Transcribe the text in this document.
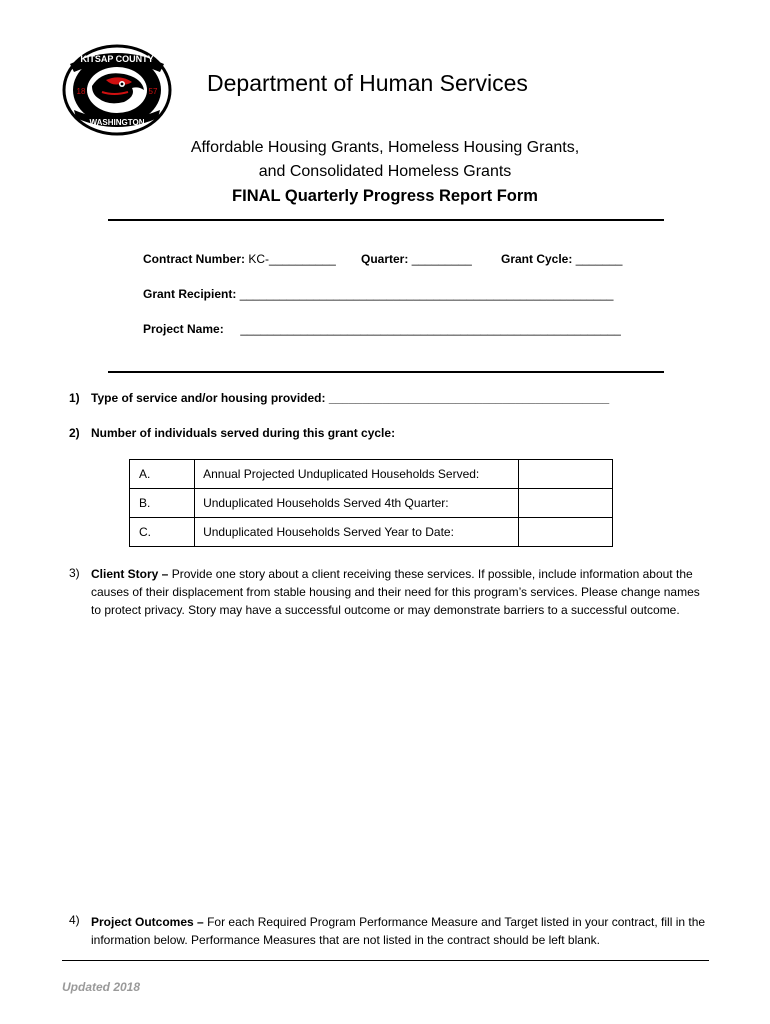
KITSAP COUNTY
WASHINGTON
18	57 Department of Human Services
Affordable Housing Grants, Homeless Housing Grants,
and Consolidated Homeless Grants
FINAL Quarterly Progress Report Form
Contract Number: KC-__________ Quarter: _________ Grant Cycle: _______
Grant Recipient: ________________________________________________________
Project Name: _________________________________________________________
1) Type of service and/or housing provided: __________________________________________
2) Number of individuals served during this grant cycle:
A.	Annual Projected Unduplicated Households Served:	
B.	Unduplicated Households Served 4th Quarter:	
C.	Unduplicated Households Served Year to Date:	
3) Client Story – Provide one story about a client receiving these services. If possible, include information about the causes of their displacement from stable housing and their need for this program’s services. Please change names to protect privacy. Story may have a successful outcome or may demonstrate barriers to a successful outcome.
4) Project Outcomes – For each Required Program Performance Measure and Target listed in your contract, fill in the information below. Performance Measures that are not listed in the contract should be left blank.
Updated 2018
